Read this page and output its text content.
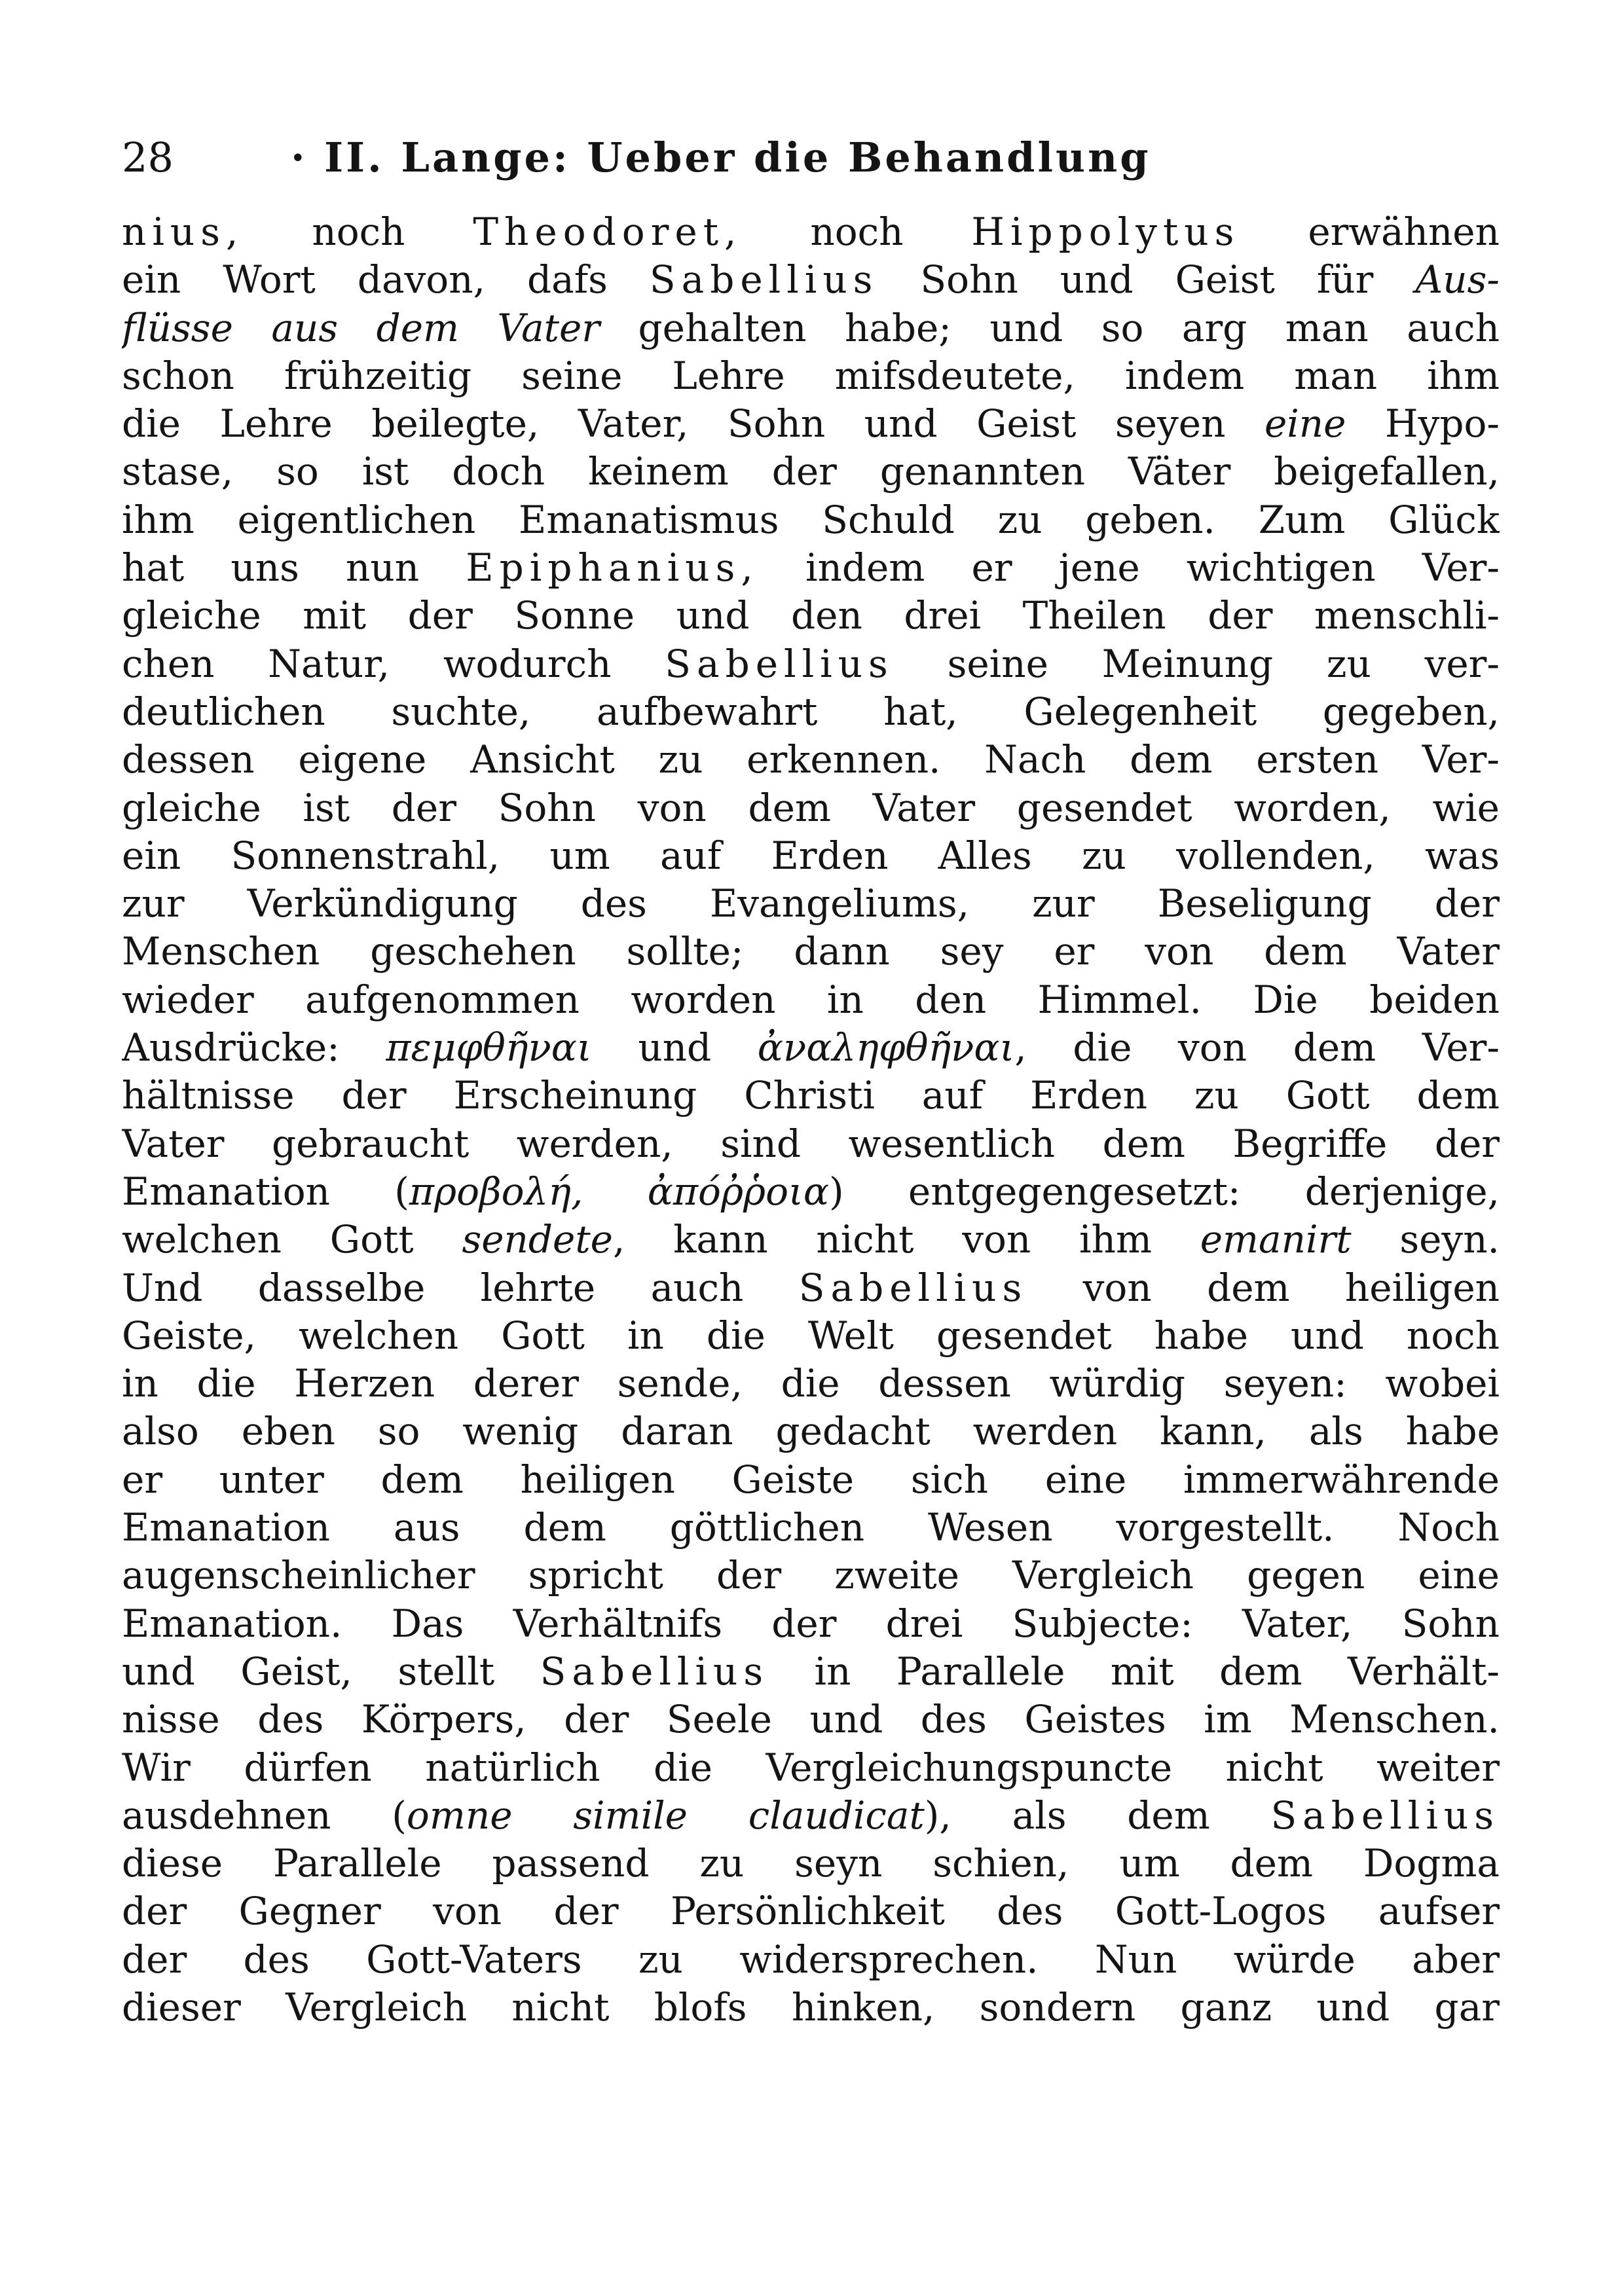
28	· II. Lange: Ueber die Behandlung
nius, noch Theodoret, noch Hippolytus erwähnen
ein Wort davon, dafs Sabellius Sohn und Geist für Aus-
flüsse aus dem Vater gehalten habe; und so arg man auch
schon frühzeitig seine Lehre mifsdeutete, indem man ihm
die Lehre beilegte, Vater, Sohn und Geist seyen eine Hypo-
stase, so ist doch keinem der genannten Väter beigefallen,
ihm eigentlichen Emanatismus Schuld zu geben. Zum Glück
hat uns nun Epiphanius, indem er jene wichtigen Ver-
gleiche mit der Sonne und den drei Theilen der menschli-
chen Natur, wodurch Sabellius seine Meinung zu ver-
deutlichen suchte, aufbewahrt hat, Gelegenheit gegeben,
dessen eigene Ansicht zu erkennen. Nach dem ersten Ver-
gleiche ist der Sohn von dem Vater gesendet worden, wie
ein Sonnenstrahl, um auf Erden Alles zu vollenden, was
zur Verkündigung des Evangeliums, zur Beseligung der
Menschen geschehen sollte; dann sey er von dem Vater
wieder aufgenommen worden in den Himmel. Die beiden
Ausdrücke: πεμφθῆναι und ἀναληφθῆναι, die von dem Ver-
hältnisse der Erscheinung Christi auf Erden zu Gott dem
Vater gebraucht werden, sind wesentlich dem Begriffe der
Emanation (προβολή, ἀπόῤῥοια) entgegengesetzt: derjenige,
welchen Gott sendete, kann nicht von ihm emanirt seyn.
Und dasselbe lehrte auch Sabellius von dem heiligen
Geiste, welchen Gott in die Welt gesendet habe und noch
in die Herzen derer sende, die dessen würdig seyen: wobei
also eben so wenig daran gedacht werden kann, als habe
er unter dem heiligen Geiste sich eine immerwährende
Emanation aus dem göttlichen Wesen vorgestellt. Noch
augenscheinlicher spricht der zweite Vergleich gegen eine
Emanation. Das Verhältnifs der drei Subjecte: Vater, Sohn
und Geist, stellt Sabellius in Parallele mit dem Verhält-
nisse des Körpers, der Seele und des Geistes im Menschen.
Wir dürfen natürlich die Vergleichungspuncte nicht weiter
ausdehnen (omne simile claudicat), als dem Sabellius
diese Parallele passend zu seyn schien, um dem Dogma
der Gegner von der Persönlichkeit des Gott-Logos aufser
der des Gott-Vaters zu widersprechen. Nun würde aber
dieser Vergleich nicht blofs hinken, sondern ganz und gar
